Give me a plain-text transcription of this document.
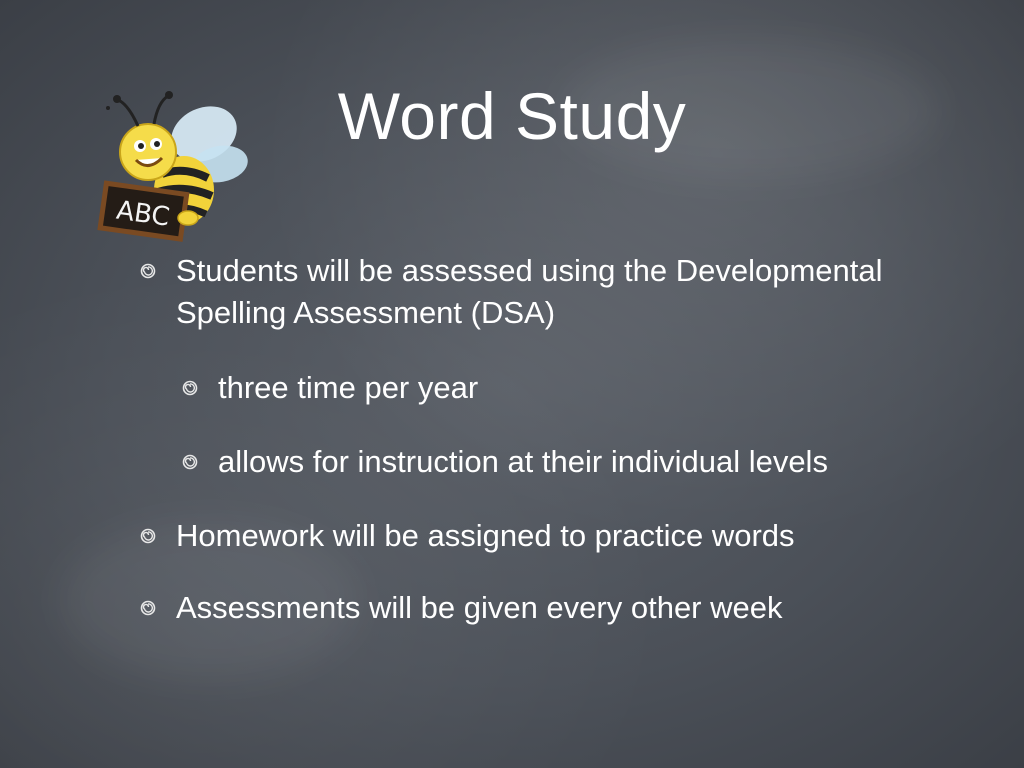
ABC
Word Study
Students will be assessed using the Developmental Spelling Assessment (DSA)
three time per year
allows for instruction at their individual levels
Homework will be assigned to practice words
Assessments will be given every other week
